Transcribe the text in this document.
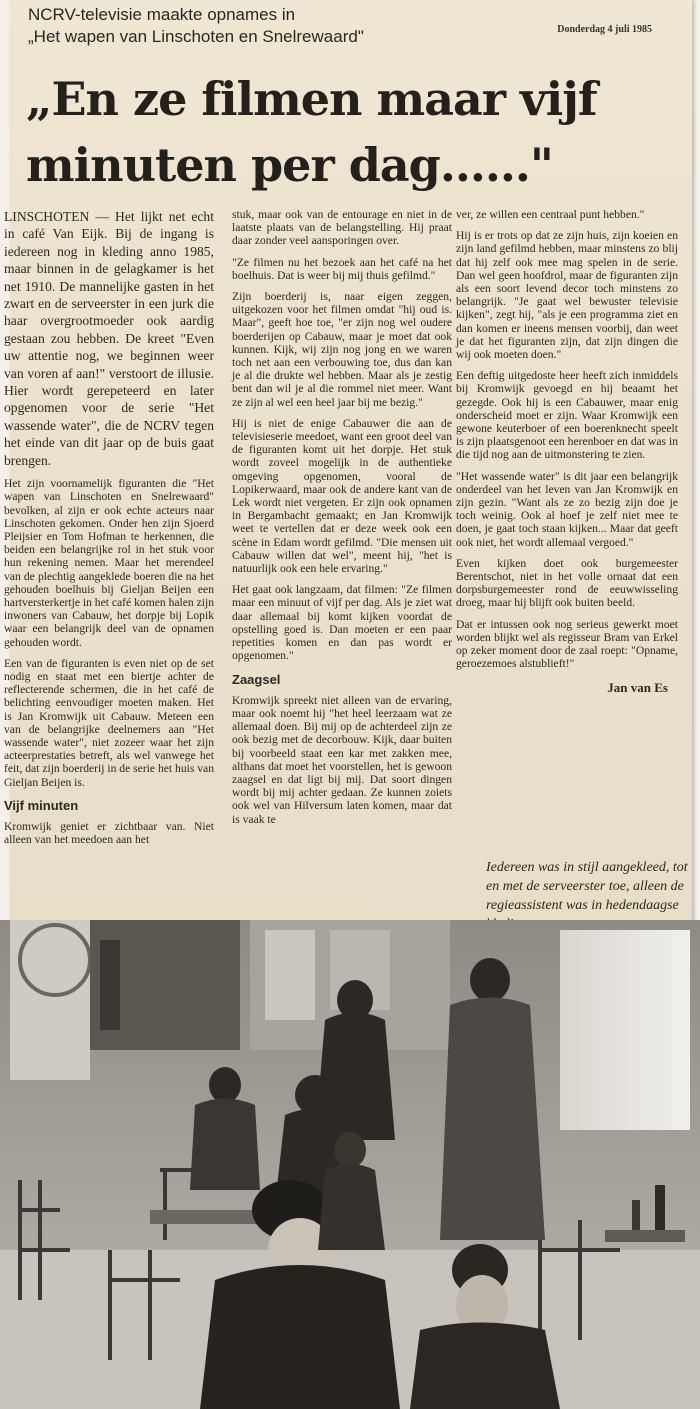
NCRV-televisie maakte opnames in
„Het wapen van Linschoten en Snelrewaard"	Donderdag 4 juli 1985
„En ze filmen maar vijf minuten per dag......"

LINSCHOTEN — Het lijkt net echt in café Van Eijk. Bij de ingang is iedereen nog in kleding anno 1985, maar binnen in de gelagkamer is het net 1910. De mannelijke gasten in het zwart en de serveerster in een jurk die haar overgrootmoeder ook aardig gestaan zou hebben. De kreet "Even uw attentie nog, we beginnen weer van voren af aan!" verstoort de illusie. Hier wordt gerepeteerd en later opgenomen voor de serie "Het wassende water", die de NCRV tegen het einde van dit jaar op de buis gaat brengen.

Het zijn voornamelijk figuranten die "Het wapen van Linschoten en Snelrewaard" bevolken, al zijn er ook echte acteurs naar Linschoten gekomen. Onder hen zijn Sjoerd Pleijsier en Tom Hofman te herkennen, die beiden een belangrijke rol in het stuk voor hun rekening nemen. Maar het merendeel van de plechtig aangeklede boeren die na het gehouden boelhuis bij Gieljan Beijen een hartversterkertje in het café komen halen zijn inwoners van Cabauw, het dorpje bij Lopik waar een belangrijk deel van de opnamen gehouden wordt.

Een van de figuranten is even niet op de set nodig en staat met een biertje achter de reflecterende schermen, die in het café de belichting eenvoudiger moeten maken. Het is Jan Kromwijk uit Cabauw. Meteen een van de belangrijke deelnemers aan "Het wassende water", niet zozeer waar het zijn acteerprestaties betreft, als wel vanwege het feit, dat zijn boerderij in de serie het huis van Gieljan Beijen is.

Vijf minuten

Kromwijk geniet er zichtbaar van. Niet alleen van het meedoen aan het

stuk, maar ook van de entourage en niet in de laatste plaats van de belangstelling. Hij praat daar zonder veel aansporingen over.

"Ze filmen nu het bezoek aan het café na het boelhuis. Dat is weer bij mij thuis gefilmd."

Zijn boerderij is, naar eigen zeggen, uitgekozen voor het filmen omdat "hij oud is. Maar", geeft hoe toe, "er zijn nog wel oudere boerderijen op Cabauw, maar je moet dat ook kunnen. Kijk, wij zijn nog jong en we waren toch net aan een verbouwing toe, dus dan kan je al die drukte wel hebben. Maar als je zestig bent dan wil je al die rommel niet meer. Want ze zijn al wel een heel jaar bij me bezig."

Hij is niet de enige Cabauwer die aan de televisieserie meedoet, want een groot deel van de figuranten komt uit het dorpje. Het stuk wordt zoveel mogelijk in de authentieke omgeving opgenomen, vooral de Lopikerwaard, maar ook de andere kant van de Lek wordt niet vergeten. Er zijn ook opnamen in Bergambacht gemaakt; en Jan Kromwijk weet te vertellen dat er deze week ook een scène in Edam wordt gefilmd. "Die mensen uit Cabauw willen dat wel", meent hij, "het is natuurlijk ook een hele ervaring."

Het gaat ook langzaam, dat filmen: "Ze filmen maar een minuut of vijf per dag. Als je ziet wat daar allemaal bij komt kijken voordat de opstelling goed is. Dan moeten er een paar repetities komen en dan pas wordt er opgenomen."

Zaagsel

Kromwijk spreekt niet alleen van de ervaring, maar ook noemt hij "het heel leerzaam wat ze allemaal doen. Bij mij op de achterdeel zijn ze ook bezig met de decorbouw. Kijk, daar buiten bij voorbeeld staat een kar met zakken mee, althans dat moet het voorstellen, het is gewoon zaagsel en dat ligt bij mij. Dat soort dingen wordt bij mij achter gedaan. Ze kunnen zoiets ook wel van Hilversum laten komen, maar dat is vaak te

ver, ze willen een centraal punt hebben."

Hij is er trots op dat ze zijn huis, zijn koeien en zijn land gefilmd hebben, maar minstens zo blij dat hij zelf ook mee mag spelen in de serie. Dan wel geen hoofdrol, maar de figuranten zijn als een soort levend decor toch minstens zo belangrijk. "Je gaat wel bewuster televisie kijken", zegt hij, "als je een programma ziet en dan komen er ineens mensen voorbij, dan weet je dat het figuranten zijn, dat zijn dingen die wij ook moeten doen."

Een deftig uitgedoste heer heeft zich inmiddels bij Kromwijk gevoegd en hij beaamt het gezegde. Ook hij is een Cabauwer, maar enig onderscheid moet er zijn. Waar Kromwijk een gewone keuterboer of een boerenknecht speelt is zijn plaatsgenoot een herenboer en dat was in die tijd nog aan de uitmonstering te zien.

"Het wassende water" is dit jaar een belangrijk onderdeel van het leven van Jan Kromwijk en zijn gezin. "Want als ze zo bezig zijn doe je toch weinig. Ook al hoef je zelf niet mee te doen, je gaat toch staan kijken... Maar dat geeft ook niet, het wordt allemaal vergoed."

Even kijken doet ook burgemeester Berentschot, niet in het volle ornaat dat een dorpsburgemeester rond de eeuwwisseling droeg, maar hij blijft ook buiten beeld.

Dat er intussen ook nog serieus gewerkt moet worden blijkt wel als regisseur Bram van Erkel op zeker moment door de zaal roept: "Opname, geroezemoes alstublieft!"

Jan van Es
Iedereen was in stijl aangekleed, tot en met de serveerster toe, alleen de regieassistent was in hedendaagse
